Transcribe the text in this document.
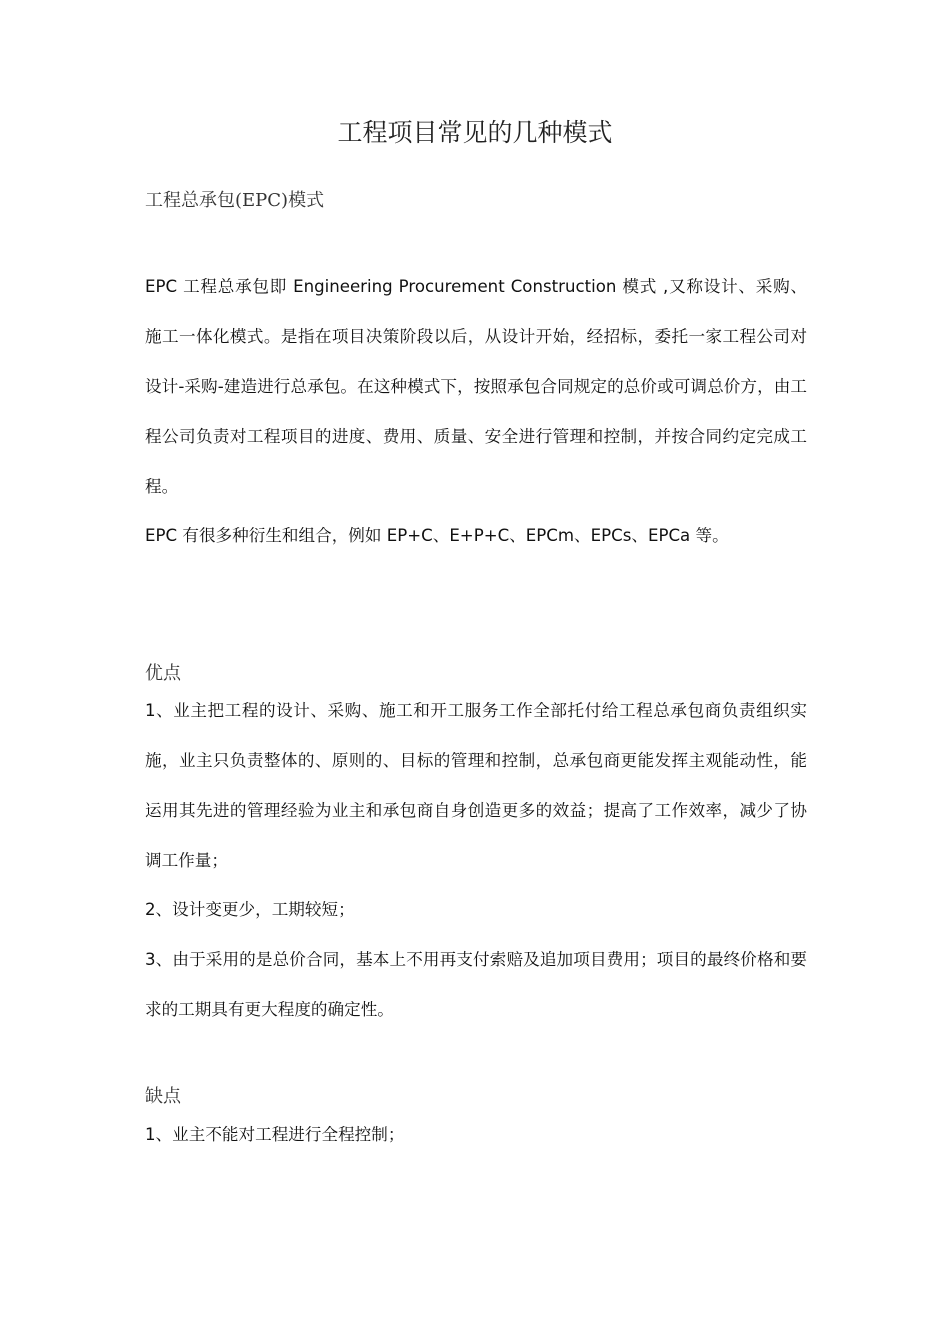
工程项目常见的几种模式
工程总承包(EPC)模式
EPC 工程总承包即 Engineering Procurement Construction 模式 ,又称设计、采购、施工一体化模式。是指在项目决策阶段以后，从设计开始，经招标，委托一家工程公司对设计-采购-建造进行总承包。在这种模式下，按照承包合同规定的总价或可调总价方，由工程公司负责对工程项目的进度、费用、质量、安全进行管理和控制，并按合同约定完成工程。
EPC 有很多种衍生和组合，例如 EP+C、E+P+C、EPCm、EPCs、EPCa 等。
优点
1、业主把工程的设计、采购、施工和开工服务工作全部托付给工程总承包商负责组织实施，业主只负责整体的、原则的、目标的管理和控制，总承包商更能发挥主观能动性，能运用其先进的管理经验为业主和承包商自身创造更多的效益；提高了工作效率，减少了协调工作量；
2、设计变更少，工期较短；
3、由于采用的是总价合同，基本上不用再支付索赔及追加项目费用；项目的最终价格和要求的工期具有更大程度的确定性。
缺点
1、业主不能对工程进行全程控制；
